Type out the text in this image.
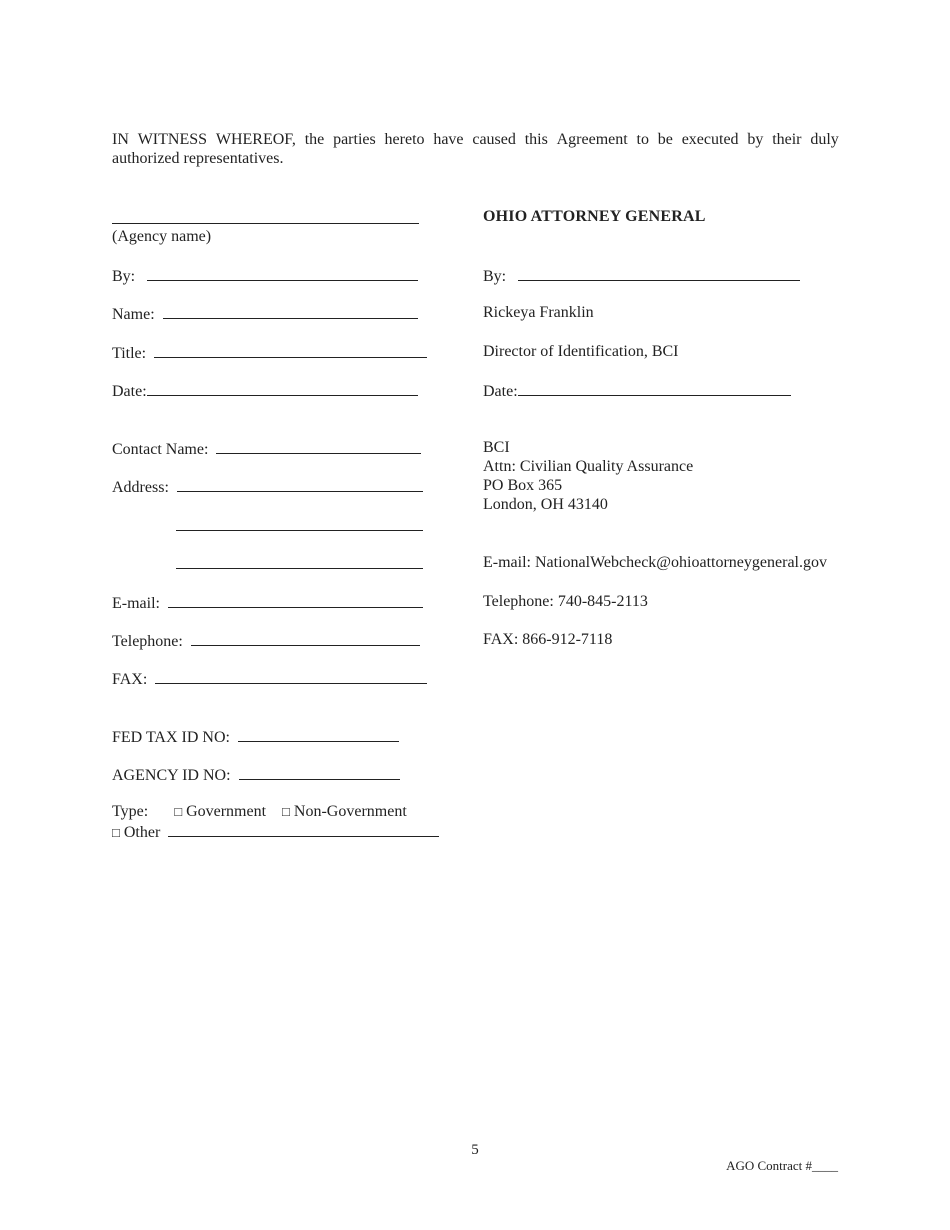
IN WITNESS WHEREOF, the parties hereto have caused this Agreement to be executed by their duly
authorized representatives.
(Agency name)
By:
Name:
Title:
Date:
Contact Name:
Address:
E-mail:
Telephone:
FAX:
FED TAX ID NO:
AGENCY ID NO:
Type: □ Government □ Non-Government
□ Other
OHIO ATTORNEY GENERAL
By:
Rickeya Franklin
Director of Identification, BCI
Date:
BCI
Attn: Civilian Quality Assurance
PO Box 365
London, OH 43140
E-mail: NationalWebcheck@ohioattorneygeneral.gov
Telephone: 740-845-2113
FAX: 866-912-7118
5
AGO Contract #____
